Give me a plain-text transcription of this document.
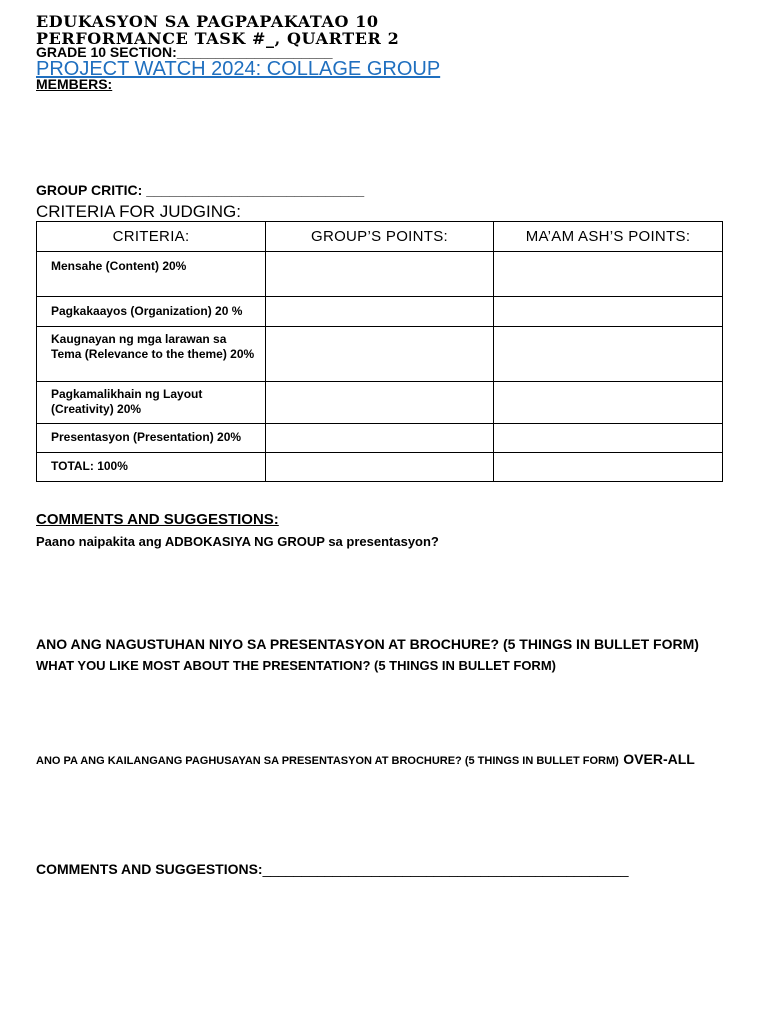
EDUKASYON SA PAGPAPAKATAO 10
PERFORMANCE TASK #_, QUARTER 2
GRADE 10 SECTION:____________________
PROJECT WATCH 2024: COLLAGE GROUP
MEMBERS:
GROUP CRITIC: ____________________________
CRITERIA FOR JUDGING:
CRITERIA:	GROUP’S POINTS:	MA’AM ASH’S POINTS:
Mensahe (Content) 20%		
Pagkakaayos (Organization) 20 %		
Kaugnayan ng mga larawan sa Tema (Relevance to the theme) 20%		
Pagkamalikhain ng Layout (Creativity) 20%		
Presentasyon (Presentation) 20%		
TOTAL: 100%		
COMMENTS AND SUGGESTIONS:
Paano naipakita ang ADBOKASIYA NG GROUP sa presentasyon?
ANO ANG NAGUSTUHAN NIYO SA PRESENTASYON AT BROCHURE? (5 THINGS IN BULLET FORM)
WHAT YOU LIKE MOST ABOUT THE PRESENTATION? (5 THINGS IN BULLET FORM)
ANO PA ANG KAILANGANG PAGHUSAYAN SA PRESENTASYON AT BROCHURE? (5 THINGS IN BULLET FORM) OVER-ALL
COMMENTS AND SUGGESTIONS:_______________________________________________
